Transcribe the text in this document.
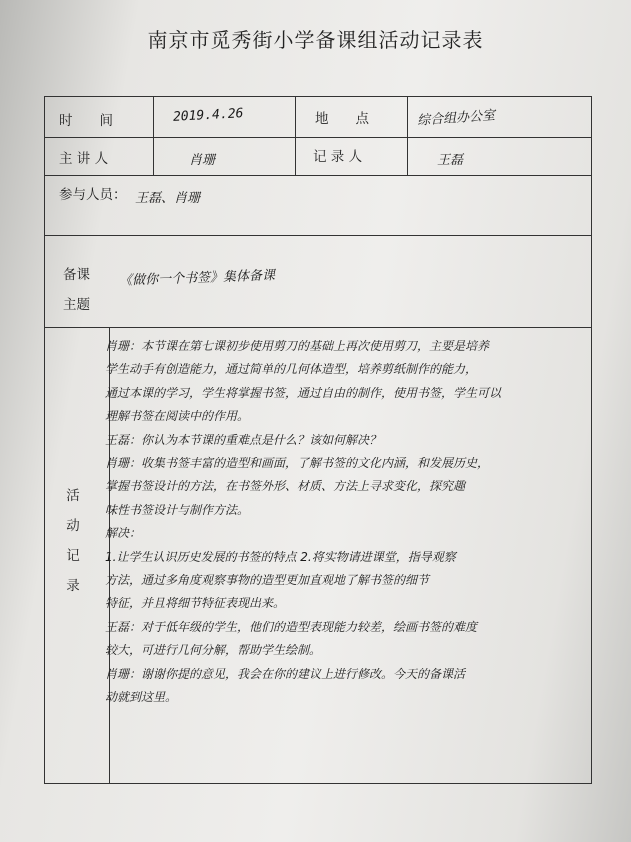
南京市觅秀街小学备课组活动记录表
时　　间	2019.4.26	地　　点	综合组办公室
主 讲 人	肖珊	记 录 人	王磊
参与人员： 王磊、肖珊
备课
主题
《做你一个书签》集体备课
活
动
记
录
肖珊：本节课在第七课初步使用剪刀的基础上再次使用剪刀，主要是培养
学生动手有创造能力，通过简单的几何体造型，培养剪纸制作的能力，
通过本课的学习，学生将掌握书签，通过自由的制作，使用书签，学生可以
理解书签在阅读中的作用。
王磊：你认为本节课的重难点是什么？该如何解决？
肖珊：收集书签丰富的造型和画面，了解书签的文化内涵，和发展历史，
掌握书签设计的方法，在书签外形、材质、方法上寻求变化，探究趣
味性书签设计与制作方法。
解决：
1.让学生认识历史发展的书签的特点 2.将实物请进课堂，指导观察
方法，通过多角度观察事物的造型更加直观地了解书签的细节
特征，并且将细节特征表现出来。
王磊：对于低年级的学生，他们的造型表现能力较差，绘画书签的难度
较大，可进行几何分解，帮助学生绘制。
肖珊：谢谢你提的意见，我会在你的建议上进行修改。今天的备课活
动就到这里。
